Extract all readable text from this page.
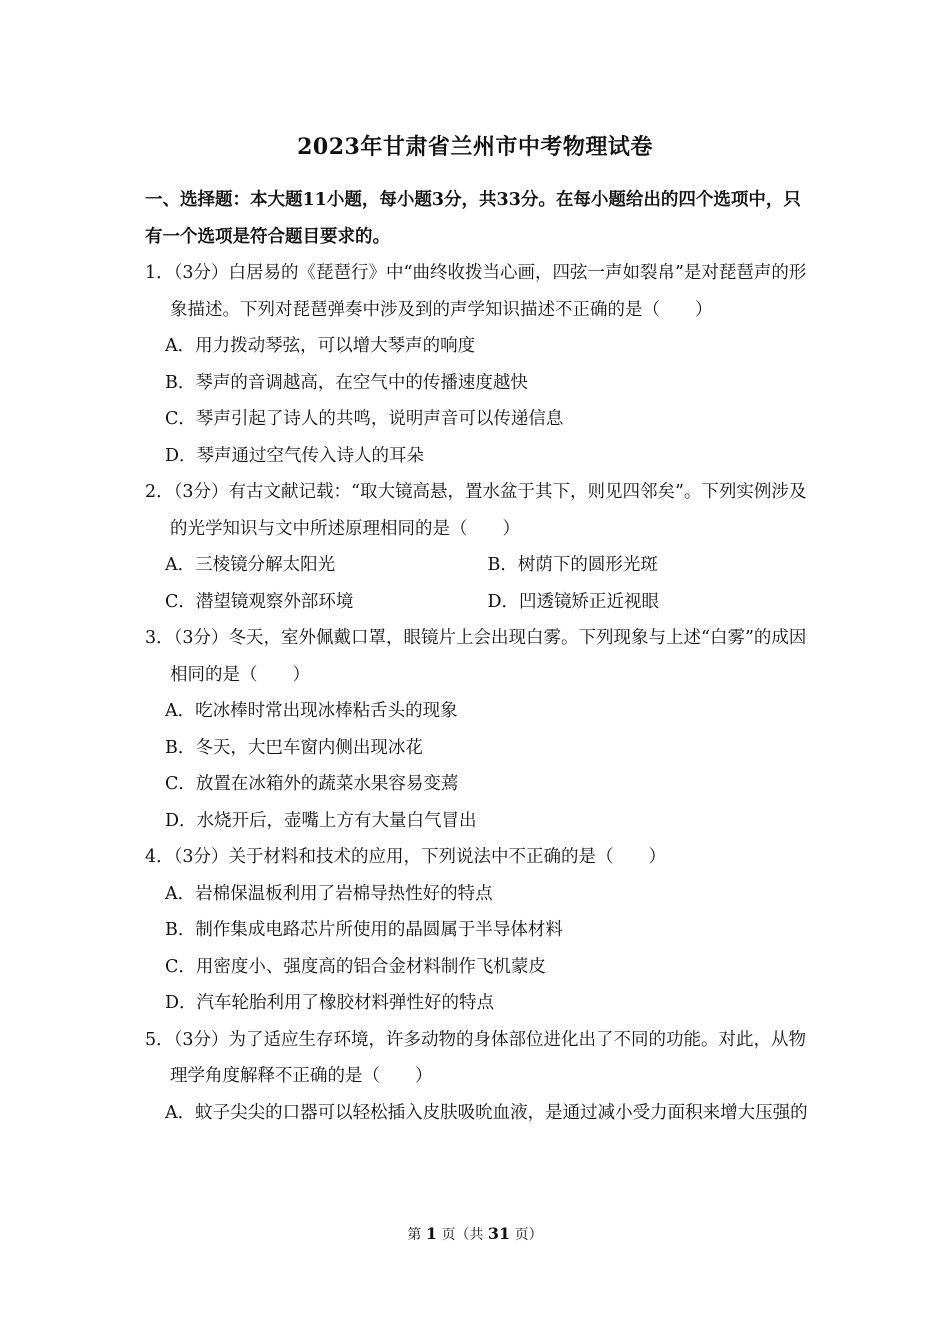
2023年甘肃省兰州市中考物理试卷
一、选择题：本大题11小题，每小题3分，共33分。在每小题给出的四个选项中，只有一个选项是符合题目要求的。
1．（3分）白居易的《琵琶行》中“曲终收拨当心画，四弦一声如裂帛”是对琵琶声的形象描述。下列对琵琶弹奏中涉及到的声学知识描述不正确的是（　　）
A．用力拨动琴弦，可以增大琴声的响度
B．琴声的音调越高，在空气中的传播速度越快
C．琴声引起了诗人的共鸣，说明声音可以传递信息
D．琴声通过空气传入诗人的耳朵
2．（3分）有古文献记载：“取大镜高悬，置水盆于其下，则见四邻矣”。下列实例涉及的光学知识与文中所述原理相同的是（　　）
A．三棱镜分解太阳光	B．树荫下的圆形光斑
C．潜望镜观察外部环境	D．凹透镜矫正近视眼
3．（3分）冬天，室外佩戴口罩，眼镜片上会出现白雾。下列现象与上述“白雾”的成因相同的是（　　）
A．吃冰棒时常出现冰棒粘舌头的现象
B．冬天，大巴车窗内侧出现冰花
C．放置在冰箱外的蔬菜水果容易变蔫
D．水烧开后，壶嘴上方有大量白气冒出
4．（3分）关于材料和技术的应用，下列说法中不正确的是（　　）
A．岩棉保温板利用了岩棉导热性好的特点
B．制作集成电路芯片所使用的晶圆属于半导体材料
C．用密度小、强度高的铝合金材料制作飞机蒙皮
D．汽车轮胎利用了橡胶材料弹性好的特点
5．（3分）为了适应生存环境，许多动物的身体部位进化出了不同的功能。对此，从物理学角度解释不正确的是（　　）
A．蚊子尖尖的口器可以轻松插入皮肤吸吮血液，是通过减小受力面积来增大压强的
第 1 页（共 31 页）
